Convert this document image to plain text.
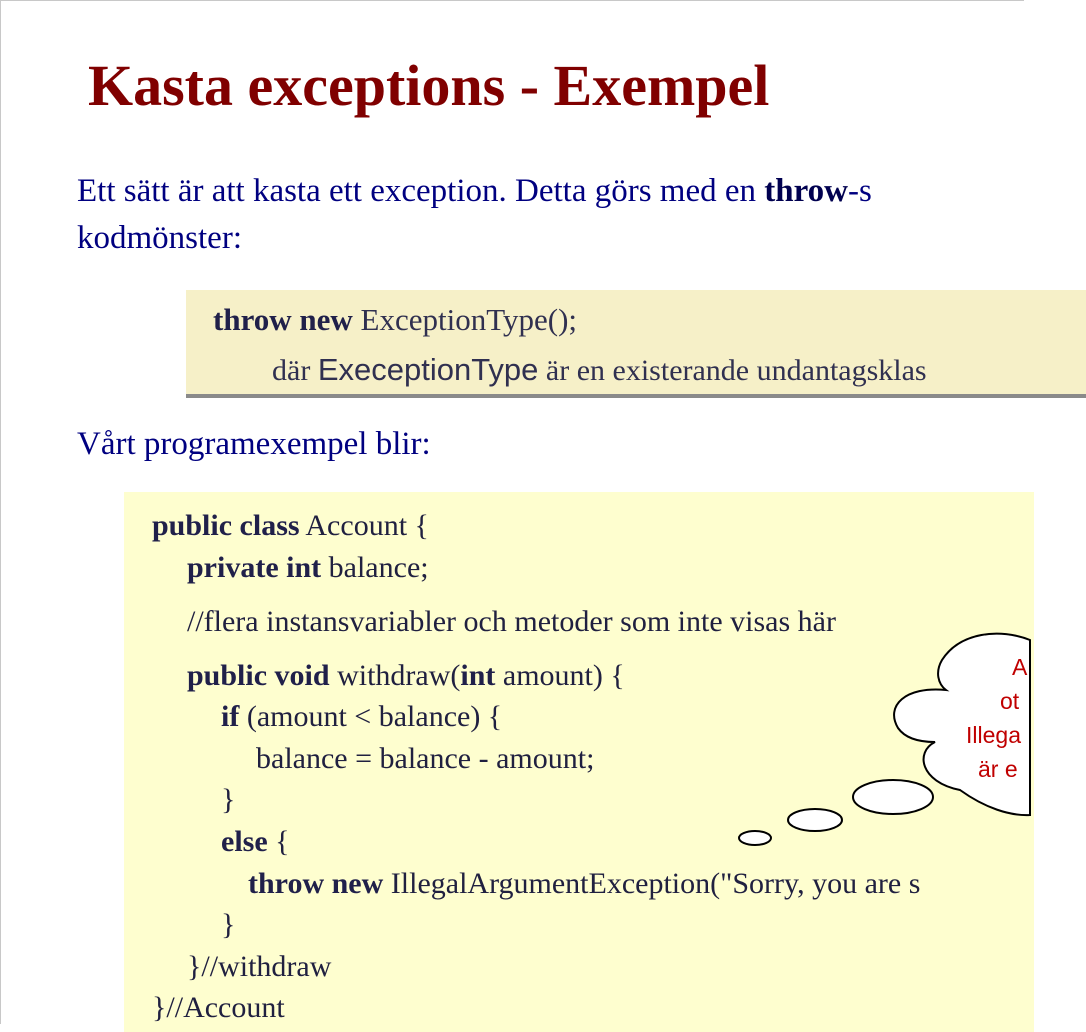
Kasta exceptions - Exempel
Ett sätt är att kasta ett exception. Detta görs med en throw-s
kodmönster:
throw new ExceptionType();
där ExeceptionType är en existerande undantagsklas
Vårt programexempel blir:
public class Account {
private int balance;
//flera instansvariabler och metoder som inte visas här
public void withdraw(int amount) {
if (amount < balance) {
balance = balance - amount;
}
else {
throw new IllegalArgumentException("Sorry, you are s
}
}//withdraw
}//Account
A
ot
Illega
är e
